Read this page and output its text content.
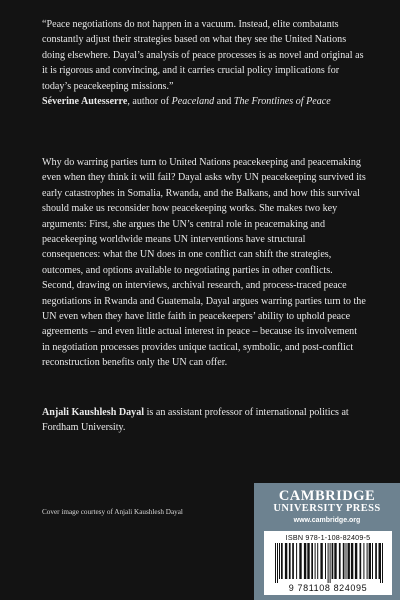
“Peace negotiations do not happen in a vacuum. Instead, elite combatants constantly adjust their strategies based on what they see the United Nations doing elsewhere. Dayal’s analysis of peace processes is as novel and original as it is rigorous and convincing, and it carries crucial policy implications for today’s peacekeeping missions.”
Séverine Autesserre, author of Peaceland and The Frontlines of Peace
Why do warring parties turn to United Nations peacekeeping and peacemaking even when they think it will fail? Dayal asks why UN peacekeeping survived its early catastrophes in Somalia, Rwanda, and the Balkans, and how this survival should make us reconsider how peacekeeping works. She makes two key arguments: First, she argues the UN’s central role in peacemaking and peacekeeping worldwide means UN interventions have structural consequences: what the UN does in one conflict can shift the strategies, outcomes, and options available to negotiating parties in other conflicts. Second, drawing on interviews, archival research, and process-traced peace negotiations in Rwanda and Guatemala, Dayal argues warring parties turn to the UN even when they have little faith in peacekeepers’ ability to uphold peace agreements – and even little actual interest in peace – because its involvement in negotiation processes provides unique tactical, symbolic, and post-conflict reconstruction benefits only the UN can offer.
Anjali Kaushlesh Dayal is an assistant professor of international politics at Fordham University.
Cover image courtesy of Anjali Kaushlesh Dayal
CAMBRIDGE
UNIVERSITY PRESS
www.cambridge.org
ISBN 978-1-108-82409-5
9 781108 824095
